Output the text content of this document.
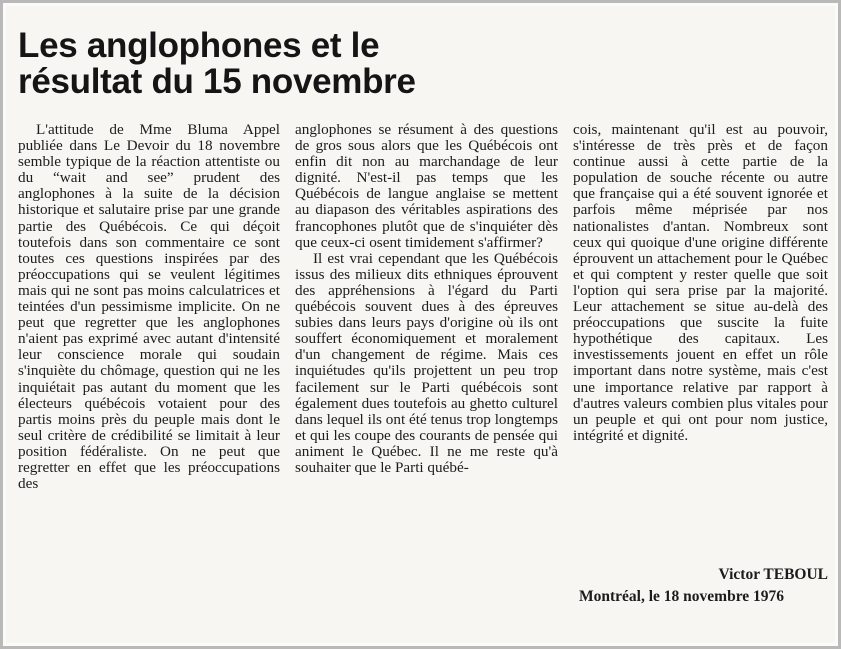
Les anglophones et le résultat du 15 novembre

L'attitude de Mme Bluma Appel publiée dans Le Devoir du 18 novembre semble typique de la réaction attentiste ou du “wait and see” prudent des anglophones à la suite de la décision historique et salutaire prise par une grande partie des Québécois. Ce qui déçoit toutefois dans son commentaire ce sont toutes ces questions inspirées par des préoccupations qui se veulent légitimes mais qui ne sont pas moins calculatrices et teintées d'un pessimisme implicite. On ne peut que regretter que les anglophones n'aient pas exprimé avec autant d'intensité leur conscience morale qui soudain s'inquiète du chômage, question qui ne les inquiétait pas autant du moment que les électeurs québécois votaient pour des partis moins près du peuple mais dont le seul critère de crédibilité se limitait à leur position fédéraliste. On ne peut que regretter en effet que les préoccupations des

anglophones se résument à des questions de gros sous alors que les Québécois ont enfin dit non au marchandage de leur dignité. N'est-il pas temps que les Québécois de langue anglaise se mettent au diapason des véritables aspirations des francophones plutôt que de s'inquiéter dès que ceux-ci osent timidement s'affirmer?

Il est vrai cependant que les Québécois issus des milieux dits ethniques éprouvent des appréhensions à l'égard du Parti québécois souvent dues à des épreuves subies dans leurs pays d'origine où ils ont souffert économiquement et moralement d'un changement de régime. Mais ces inquiétudes qu'ils projettent un peu trop facilement sur le Parti québécois sont également dues toutefois au ghetto culturel dans lequel ils ont été tenus trop longtemps et qui les coupe des courants de pensée qui animent le Québec. Il ne me reste qu'à souhaiter que le Parti québé-

cois, maintenant qu'il est au pouvoir, s'intéresse de très près et de façon continue aussi à cette partie de la population de souche récente ou autre que française qui a été souvent ignorée et parfois même méprisée par nos nationalistes d'antan. Nombreux sont ceux qui quoique d'une origine différente éprouvent un attachement pour le Québec et qui comptent y rester quelle que soit l'option qui sera prise par la majorité. Leur attachement se situe au-delà des préoccupations que suscite la fuite hypothétique des capitaux. Les investissements jouent en effet un rôle important dans notre système, mais c'est une importance relative par rapport à d'autres valeurs combien plus vitales pour un peuple et qui ont pour nom justice, intégrité et dignité.

Victor TEBOUL
Montréal, le 18 novembre 1976
